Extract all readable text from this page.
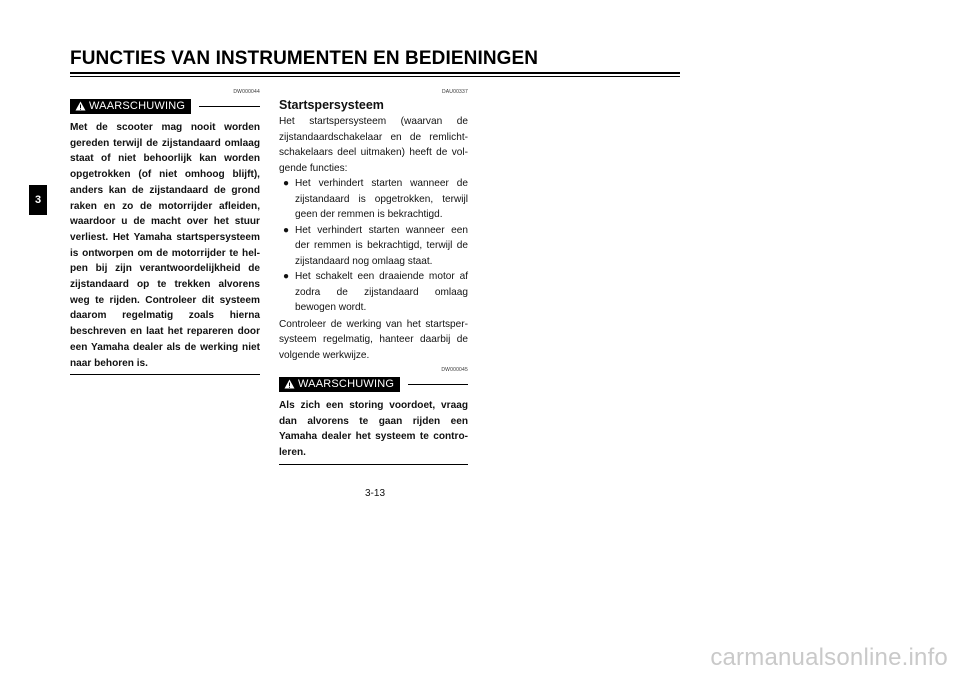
FUNCTIES VAN INSTRUMENTEN EN BEDIENINGEN
3
DW000044
WAARSCHUWING
Met de scooter mag nooit worden gereden terwijl de zijstandaard omlaag staat of niet behoorlijk kan worden opgetrokken (of niet omhoog blijft), anders kan de zijstandaard de grond raken en zo de motorrijder afleiden, waardoor u de macht over het stuur verliest. Het Yamaha startspersysteem is ontworpen om de motorrijder te hel-pen bij zijn verantwoordelijkheid de zijstandaard op te trekken alvorens weg te rijden. Controleer dit systeem daarom regelmatig zoals hierna beschreven en laat het repareren door een Yamaha dealer als de werking niet naar behoren is.
DAU00337
Startspersysteem
Het startspersysteem (waarvan de zijstandaardschakelaar en de remlicht-schakelaars deel uitmaken) heeft de vol-gende functies:
● Het verhindert starten wanneer de zijstandaard is opgetrokken, terwijl geen der remmen is bekrachtigd.
● Het verhindert starten wanneer een der remmen is bekrachtigd, terwijl de zijstandaard nog omlaag staat.
● Het schakelt een draaiende motor af zodra de zijstandaard omlaag bewogen wordt.
Controleer de werking van het startsper-systeem regelmatig, hanteer daarbij de volgende werkwijze.
DW000045
WAARSCHUWING
Als zich een storing voordoet, vraag dan alvorens te gaan rijden een Yamaha dealer het systeem te contro-leren.
3-13
carmanualsonline.info
